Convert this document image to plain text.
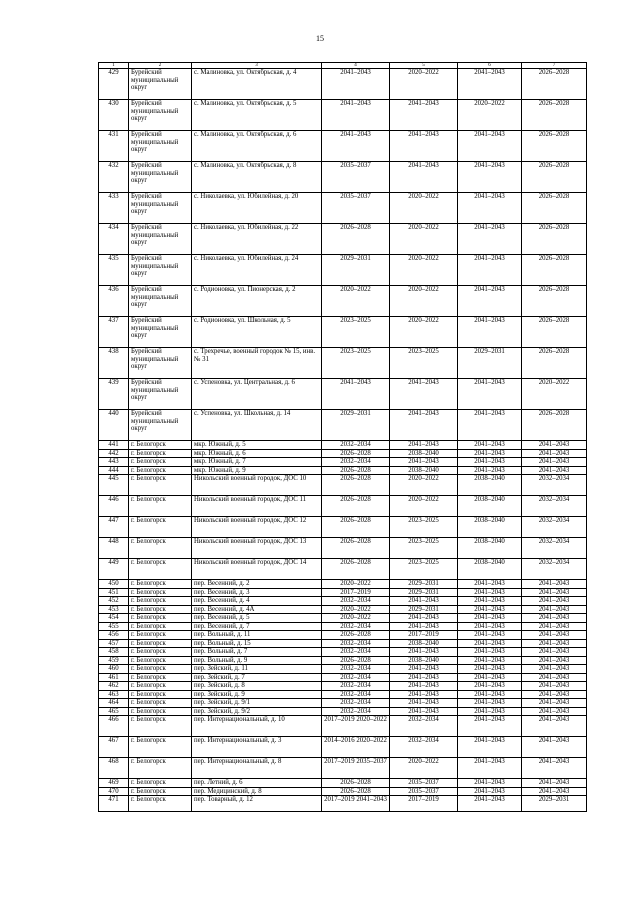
15
1	2	3	4	5	6	7
429	Бурейский муниципальный округ	с. Малиновка, ул. Октябрьская, д. 4	2041–2043	2020–2022	2041–2043	2026–2028
430	Бурейский муниципальный округ	с. Малиновка, ул. Октябрьская, д. 5	2041–2043	2041–2043	2020–2022	2026–2028
431	Бурейский муниципальный округ	с. Малиновка, ул. Октябрьская, д. 6	2041–2043	2041–2043	2041–2043	2026–2028
432	Бурейский муниципальный округ	с. Малиновка, ул. Октябрьская, д. 8	2035–2037	2041–2043	2041–2043	2026–2028
433	Бурейский муниципальный округ	с. Николаевка, ул. Юбилейная, д. 20	2035–2037	2020–2022	2041–2043	2026–2028
434	Бурейский муниципальный округ	с. Николаевка, ул. Юбилейная, д. 22	2026–2028	2020–2022	2041–2043	2026–2028
435	Бурейский муниципальный округ	с. Николаевка, ул. Юбилейная, д. 24	2029–2031	2020–2022	2041–2043	2026–2028
436	Бурейский муниципальный округ	с. Родионовка, ул. Пионерская, д. 2	2020–2022	2020–2022	2041–2043	2026–2028
437	Бурейский муниципальный округ	с. Родионовка, ул. Школьная, д. 5	2023–2025	2020–2022	2041–2043	2026–2028
438	Бурейский муниципальный округ	с. Трехречье, военный городок № 15, инв. № 31	2023–2025	2023–2025	2029–2031	2026–2028
439	Бурейский муниципальный округ	с. Успеновка, ул. Центральная, д. 6	2041–2043	2041–2043	2041–2043	2020–2022
440	Бурейский муниципальный округ	с. Успеновка, ул. Школьная, д. 14	2029–2031	2041–2043	2041–2043	2026–2028
441	г. Белогорск	мкр. Южный, д. 5	2032–2034	2041–2043	2041–2043	2041–2043
442	г. Белогорск	мкр. Южный, д. 6	2026–2028	2038–2040	2041–2043	2041–2043
443	г. Белогорск	мкр. Южный, д. 7	2032–2034	2041–2043	2041–2043	2041–2043
444	г. Белогорск	мкр. Южный, д. 9	2026–2028	2038–2040	2041–2043	2041–2043
445	г. Белогорск	Никольский военный городок, ДОС 10	2026–2028	2020–2022	2038–2040	2032–2034
446	г. Белогорск	Никольский военный городок, ДОС 11	2026–2028	2020–2022	2038–2040	2032–2034
447	г. Белогорск	Никольский военный городок, ДОС 12	2026–2028	2023–2025	2038–2040	2032–2034
448	г. Белогорск	Никольский военный городок, ДОС 13	2026–2028	2023–2025	2038–2040	2032–2034
449	г. Белогорск	Никольский военный городок, ДОС 14	2026–2028	2023–2025	2038–2040	2032–2034
450	г. Белогорск	пер. Весенний, д. 2	2020–2022	2029–2031	2041–2043	2041–2043
451	г. Белогорск	пер. Весенний, д. 3	2017–2019	2029–2031	2041–2043	2041–2043
452	г. Белогорск	пер. Весенний, д. 4	2032–2034	2041–2043	2041–2043	2041–2043
453	г. Белогорск	пер. Весенний, д. 4А	2020–2022	2029–2031	2041–2043	2041–2043
454	г. Белогорск	пер. Весенний, д. 5	2020–2022	2041–2043	2041–2043	2041–2043
455	г. Белогорск	пер. Весенний, д. 7	2032–2034	2041–2043	2041–2043	2041–2043
456	г. Белогорск	пер. Вольный, д. 11	2026–2028	2017–2019	2041–2043	2041–2043
457	г. Белогорск	пер. Вольный, д. 15	2032–2034	2038–2040	2041–2043	2041–2043
458	г. Белогорск	пер. Вольный, д. 7	2032–2034	2041–2043	2041–2043	2041–2043
459	г. Белогорск	пер. Вольный, д. 9	2026–2028	2038–2040	2041–2043	2041–2043
460	г. Белогорск	пер. Зейский, д. 11	2032–2034	2041–2043	2041–2043	2041–2043
461	г. Белогорск	пер. Зейский, д. 7	2032–2034	2041–2043	2041–2043	2041–2043
462	г. Белогорск	пер. Зейский, д. 8	2032–2034	2041–2043	2041–2043	2041–2043
463	г. Белогорск	пер. Зейский, д. 9	2032–2034	2041–2043	2041–2043	2041–2043
464	г. Белогорск	пер. Зейский, д. 9/1	2032–2034	2041–2043	2041–2043	2041–2043
465	г. Белогорск	пер. Зейский, д. 9/2	2032–2034	2041–2043	2041–2043	2041–2043
466	г. Белогорск	пер. Интернациональный, д. 10	2017–2019 2020–2022	2032–2034	2041–2043	2041–2043
467	г. Белогорск	пер. Интернациональный, д. 3	2014–2016 2020–2022	2032–2034	2041–2043	2041–2043
468	г. Белогорск	пер. Интернациональный, д. 8	2017–2019 2035–2037	2020–2022	2041–2043	2041–2043
469	г. Белогорск	пер. Летний, д. 6	2026–2028	2035–2037	2041–2043	2041–2043
470	г. Белогорск	пер. Медицинский, д. 8	2026–2028	2035–2037	2041–2043	2041–2043
471	г. Белогорск	пер. Товарный, д. 12	2017–2019 2041–2043	2017–2019	2041–2043	2029–2031
